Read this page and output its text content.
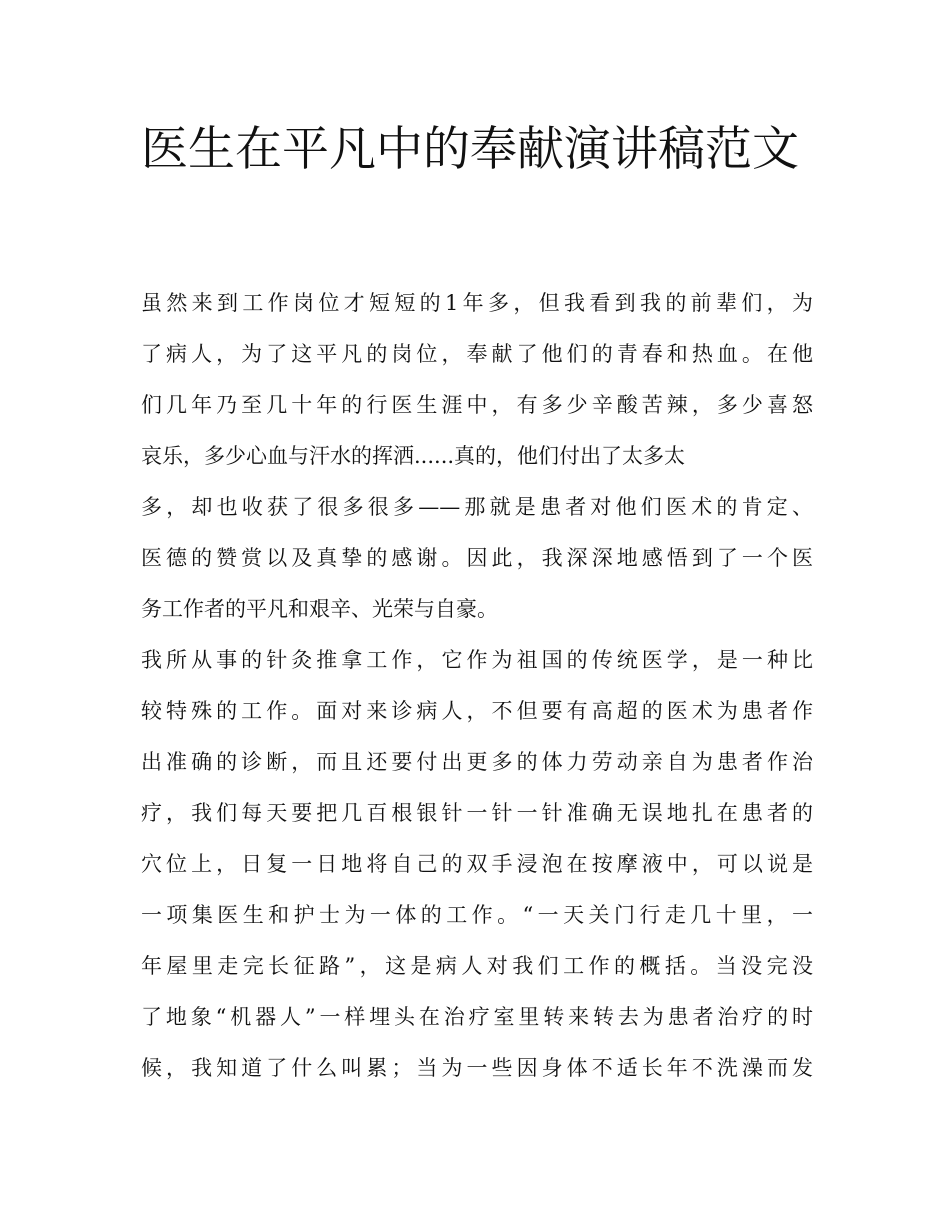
医生在平凡中的奉献演讲稿范文
虽然来到工作岗位才短短的1年多，但我看到我的前辈们，为
了病人，为了这平凡的岗位，奉献了他们的青春和热血。在他
们几年乃至几十年的行医生涯中，有多少辛酸苦辣，多少喜怒
哀乐，多少心血与汗水的挥洒......真的，他们付出了太多太
多，却也收获了很多很多——那就是患者对他们医术的肯定、
医德的赞赏以及真挚的感谢。因此，我深深地感悟到了一个医
务工作者的平凡和艰辛、光荣与自豪。
我所从事的针灸推拿工作，它作为祖国的传统医学，是一种比
较特殊的工作。面对来诊病人，不但要有高超的医术为患者作
出准确的诊断，而且还要付出更多的体力劳动亲自为患者作治
疗，我们每天要把几百根银针一针一针准确无误地扎在患者的
穴位上，日复一日地将自己的双手浸泡在按摩液中，可以说是
一项集医生和护士为一体的工作。“一天关门行走几十里，一
年屋里走完长征路”，这是病人对我们工作的概括。当没完没
了地象“机器人”一样埋头在治疗室里转来转去为患者治疗的时
候，我知道了什么叫累；当为一些因身体不适长年不洗澡而发
